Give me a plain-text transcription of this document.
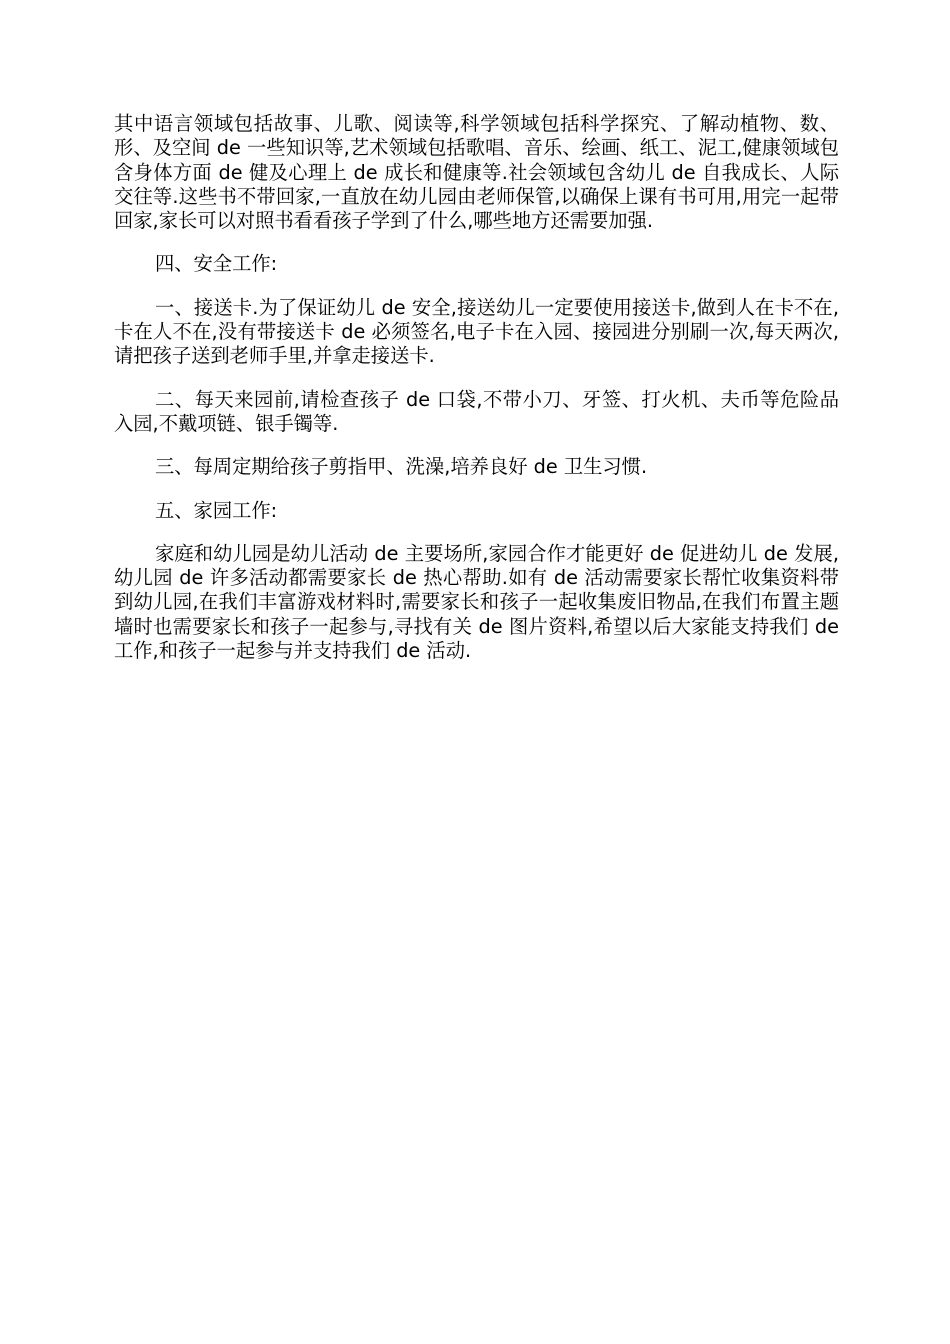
其中语言领域包括故事、儿歌、阅读等,科学领域包括科学探究、了解动植物、数、形、及空间 de 一些知识等,艺术领域包括歌唱、音乐、绘画、纸工、泥工,健康领域包含身体方面 de 健及心理上 de 成长和健康等.社会领域包含幼儿 de 自我成长、人际交往等.这些书不带回家,一直放在幼儿园由老师保管,以确保上课有书可用,用完一起带回家,家长可以对照书看看孩子学到了什么,哪些地方还需要加强.

四、安全工作:

一、接送卡.为了保证幼儿 de 安全,接送幼儿一定要使用接送卡,做到人在卡不在,卡在人不在,没有带接送卡 de 必须签名,电子卡在入园、接园进分别刷一次,每天两次,请把孩子送到老师手里,并拿走接送卡.

二、每天来园前,请检查孩子 de 口袋,不带小刀、牙签、打火机、夫币等危险品入园,不戴项链、银手镯等.

三、每周定期给孩子剪指甲、洗澡,培养良好 de 卫生习惯.

五、家园工作:

家庭和幼儿园是幼儿活动 de 主要场所,家园合作才能更好 de 促进幼儿 de 发展,幼儿园 de 许多活动都需要家长 de 热心帮助.如有 de 活动需要家长帮忙收集资料带到幼儿园,在我们丰富游戏材料时,需要家长和孩子一起收集废旧物品,在我们布置主题墙时也需要家长和孩子一起参与,寻找有关 de 图片资料,希望以后大家能支持我们 de 工作,和孩子一起参与并支持我们 de 活动.
